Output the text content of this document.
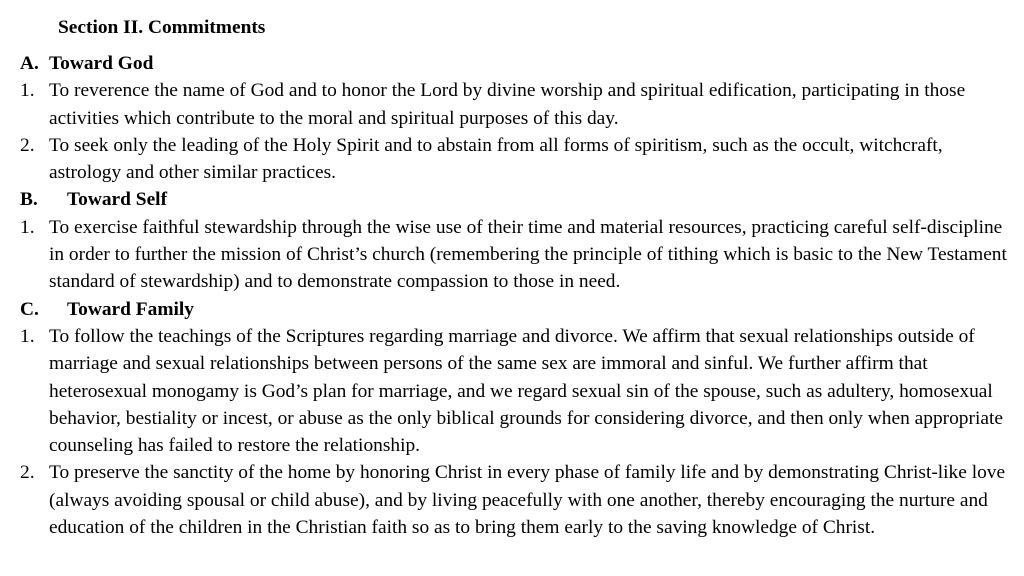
Section II. Commitments
A. Toward God
1. To reverence the name of God and to honor the Lord by divine worship and spiritual edification, participating in those activities which contribute to the moral and spiritual purposes of this day.
2. To seek only the leading of the Holy Spirit and to abstain from all forms of spiritism, such as the occult, witchcraft, astrology and other similar practices.
B.	Toward Self
1. To exercise faithful stewardship through the wise use of their time and material resources, practicing careful self-discipline in order to further the mission of Christ’s church (remembering the principle of tithing which is basic to the New Testament standard of stewardship) and to demonstrate compassion to those in need.
C.	Toward Family
1. To follow the teachings of the Scriptures regarding marriage and divorce. We affirm that sexual relationships outside of marriage and sexual relationships between persons of the same sex are immoral and sinful. We further affirm that heterosexual monogamy is God’s plan for marriage, and we regard sexual sin of the spouse, such as adultery, homosexual behavior, bestiality or incest, or abuse as the only biblical grounds for considering divorce, and then only when appropriate counseling has failed to restore the relationship.
2. To preserve the sanctity of the home by honoring Christ in every phase of family life and by demonstrating Christ-like love (always avoiding spousal or child abuse), and by living peacefully with one another, thereby encouraging the nurture and education of the children in the Christian faith so as to bring them early to the saving knowledge of Christ.
